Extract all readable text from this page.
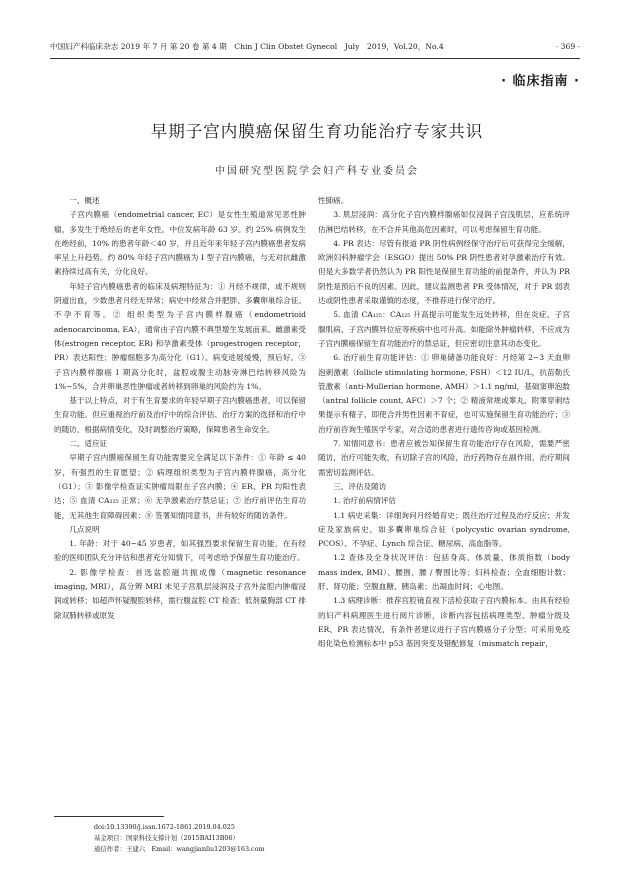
中国妇产科临床杂志 2019 年 7 月 第 20 卷 第 4 期　Chin J Clin Obstet Gynecol　July　2019，Vol.20，No.4	· 369 ·
· 临床指南 ·
早期子宫内膜癌保留生育功能治疗专家共识
中国研究型医院学会妇产科专业委员会
一、概述

子宫内膜癌（endometrial cancer, EC）是女性生殖道常见恶性肿瘤，多发生于绝经后的老年女性，中位发病年龄 63 岁。约 25% 病例发生在绝经前，10% 的患者年龄＜40 岁，并且近年来年轻子宫内膜癌患者发病率呈上升趋势。约 80% 年轻子宫内膜癌为 Ⅰ 型子宫内膜癌，与无对抗雌激素持续过高有关，分化良好。

年轻子宫内膜癌患者的临床及病理特征为：① 月经不规律，或不规则阴道出血，少数患者月经无异常；病史中经常合并肥胖、多囊卵巢综合征、不孕不育等。② 组织类型为子宫内膜样腺癌（endometrioid adenocarcinoma, EA），通常由子宫内膜不典型增生发展而来。雌激素受体(estrogen receptor, ER) 和孕激素受体（progestrogen receptor，PR）表达阳性；肿瘤细胞多为高分化（G1）。病变进展缓慢，预后好。③ 子宫内膜样腺癌 Ⅰ 期高分化时，盆腔或腹主动脉旁淋巴结转移风险为 1%~5%，合并卵巢恶性肿瘤或者转移到卵巢的风险约为 1%。

基于以上特点，对于有生育要求的年轻早期子宫内膜癌患者，可以保留生育功能。但应重视治疗前及治疗中的综合评估、治疗方案的选择和治疗中的随访，根据病情变化，及时调整治疗策略，保障患者生命安全。

二、适应证

早期子宫内膜癌保留生育功能需要完全满足以下条件：① 年龄 ≤ 40 岁，有强烈的生育愿望；② 病理组织类型为子宫内膜样腺癌，高分化（G1）；③ 影像学检查证实肿瘤局限在子宫内膜；④ ER、PR 均阳性表达；⑤ 血清 CA₁₂₅ 正常；⑥ 无孕激素治疗禁忌证；⑦ 治疗前评估生育功能，无其他生育障碍因素；⑧ 签署知情同意书，并有较好的随访条件。

几点说明

1. 年龄：对于 40~45 岁患者，如其强烈要求保留生育功能，在有经验的医师团队充分评估和患者充分知情下，可考虑给予保留生育功能治疗。

2. 影像学检查：首选盆腔磁共振成像（magnetic resonance imaging, MRI），高分辨 MRI 未见子宫肌层浸润及子宫外盆腔内肿瘤浸润或转移；如超声怀疑腹腔转移，需行腹盆腔 CT 检查；低剂量胸部 CT 排除双肺转移或原发

性肺癌。

3. 肌层浸润：高分化子宫内膜样腺癌如仅浸润子宫浅肌层，应系统评估淋巴结转移，在不合并其他高危因素时，可以考虑保留生育功能。

4. PR 表达：尽管有报道 PR 阴性病例经保守治疗后可获得完全缓解，欧洲妇科肿瘤学会（ESGO）提出 50% PR 阴性患者对孕激素治疗有效。但是大多数学者仍然认为 PR 阳性是保留生育功能的前提条件，并认为 PR 阴性是预后不良的因素。因此，建议监测患者 PR 受体情况，对于 PR 弱表达或阴性患者采取谨慎的态度，不推荐进行保守治疗。

5. 血清 CA₁₂₅：CA₁₂₅ 升高提示可能发生远处转移，但在炎症、子宫腺肌病、子宫内膜异位症等疾病中也可升高。如能除外肿瘤转移，不应成为子宫内膜癌保留生育功能治疗的禁忌证，但应密切注意其动态变化。

6. 治疗前生育功能评估：① 卵巢储备功能良好：月经第 2~3 天血卵泡刺激素（follicle stimulating hormone, FSH）＜12 IU/L，抗苗勒氏管激素（anti-Mullerian hormone, AMH）＞1.1 ng/ml，基础窦卵泡数（antral follicle count, AFC）＞7 个；② 精液常规或睾丸、附睾穿刺结果提示有精子，即使合并男性因素不育症，也可实施保留生育功能治疗；③ 治疗前咨询生殖医学专家，对合适的患者进行遗传咨询或基因检测。

7. 知情同意书：患者应被告知保留生育功能治疗存在风险，需要严密随访，治疗可能失败，有切除子宫的风险，治疗药物存在副作用，治疗期间需密切监测评估。

三、评估及随访
1. 治疗前病情评估

1.1 病史采集：详细询问月经婚育史；既往治疗过程及治疗反应；并发症及家族病史，如多囊卵巢综合征（polycystic ovarian syndrome, PCOS）、不孕症、Lynch 综合征、糖尿病、高血脂等。

1.2 查体及全身状况评估：包括身高、体质量、体质指数（body mass index, BMI）、腰围、腰 / 臀围比等；妇科检查；全血细胞计数；肝、肾功能；空腹血糖、胰岛素；出凝血时间；心电图。

1.3 病理诊断：推荐宫腔镜直视下活检获取子宫内膜标本。由具有经验的妇产科病理医生进行阅片诊断，诊断内容包括病理类型、肿瘤分级及 ER、PR 表达情况，有条件者建议进行子宫内膜癌分子分型；可采用免疫组化染色检测标本中 p53 基因突变及错配修复（mismatch repair，

doi:10.13390/j.issn.1672-1861.2019.04.025
基金项目：国家科技支撑计划（2015BAI13B06）
通信作者：王建六　Email：wangjianliu1203@163.com
